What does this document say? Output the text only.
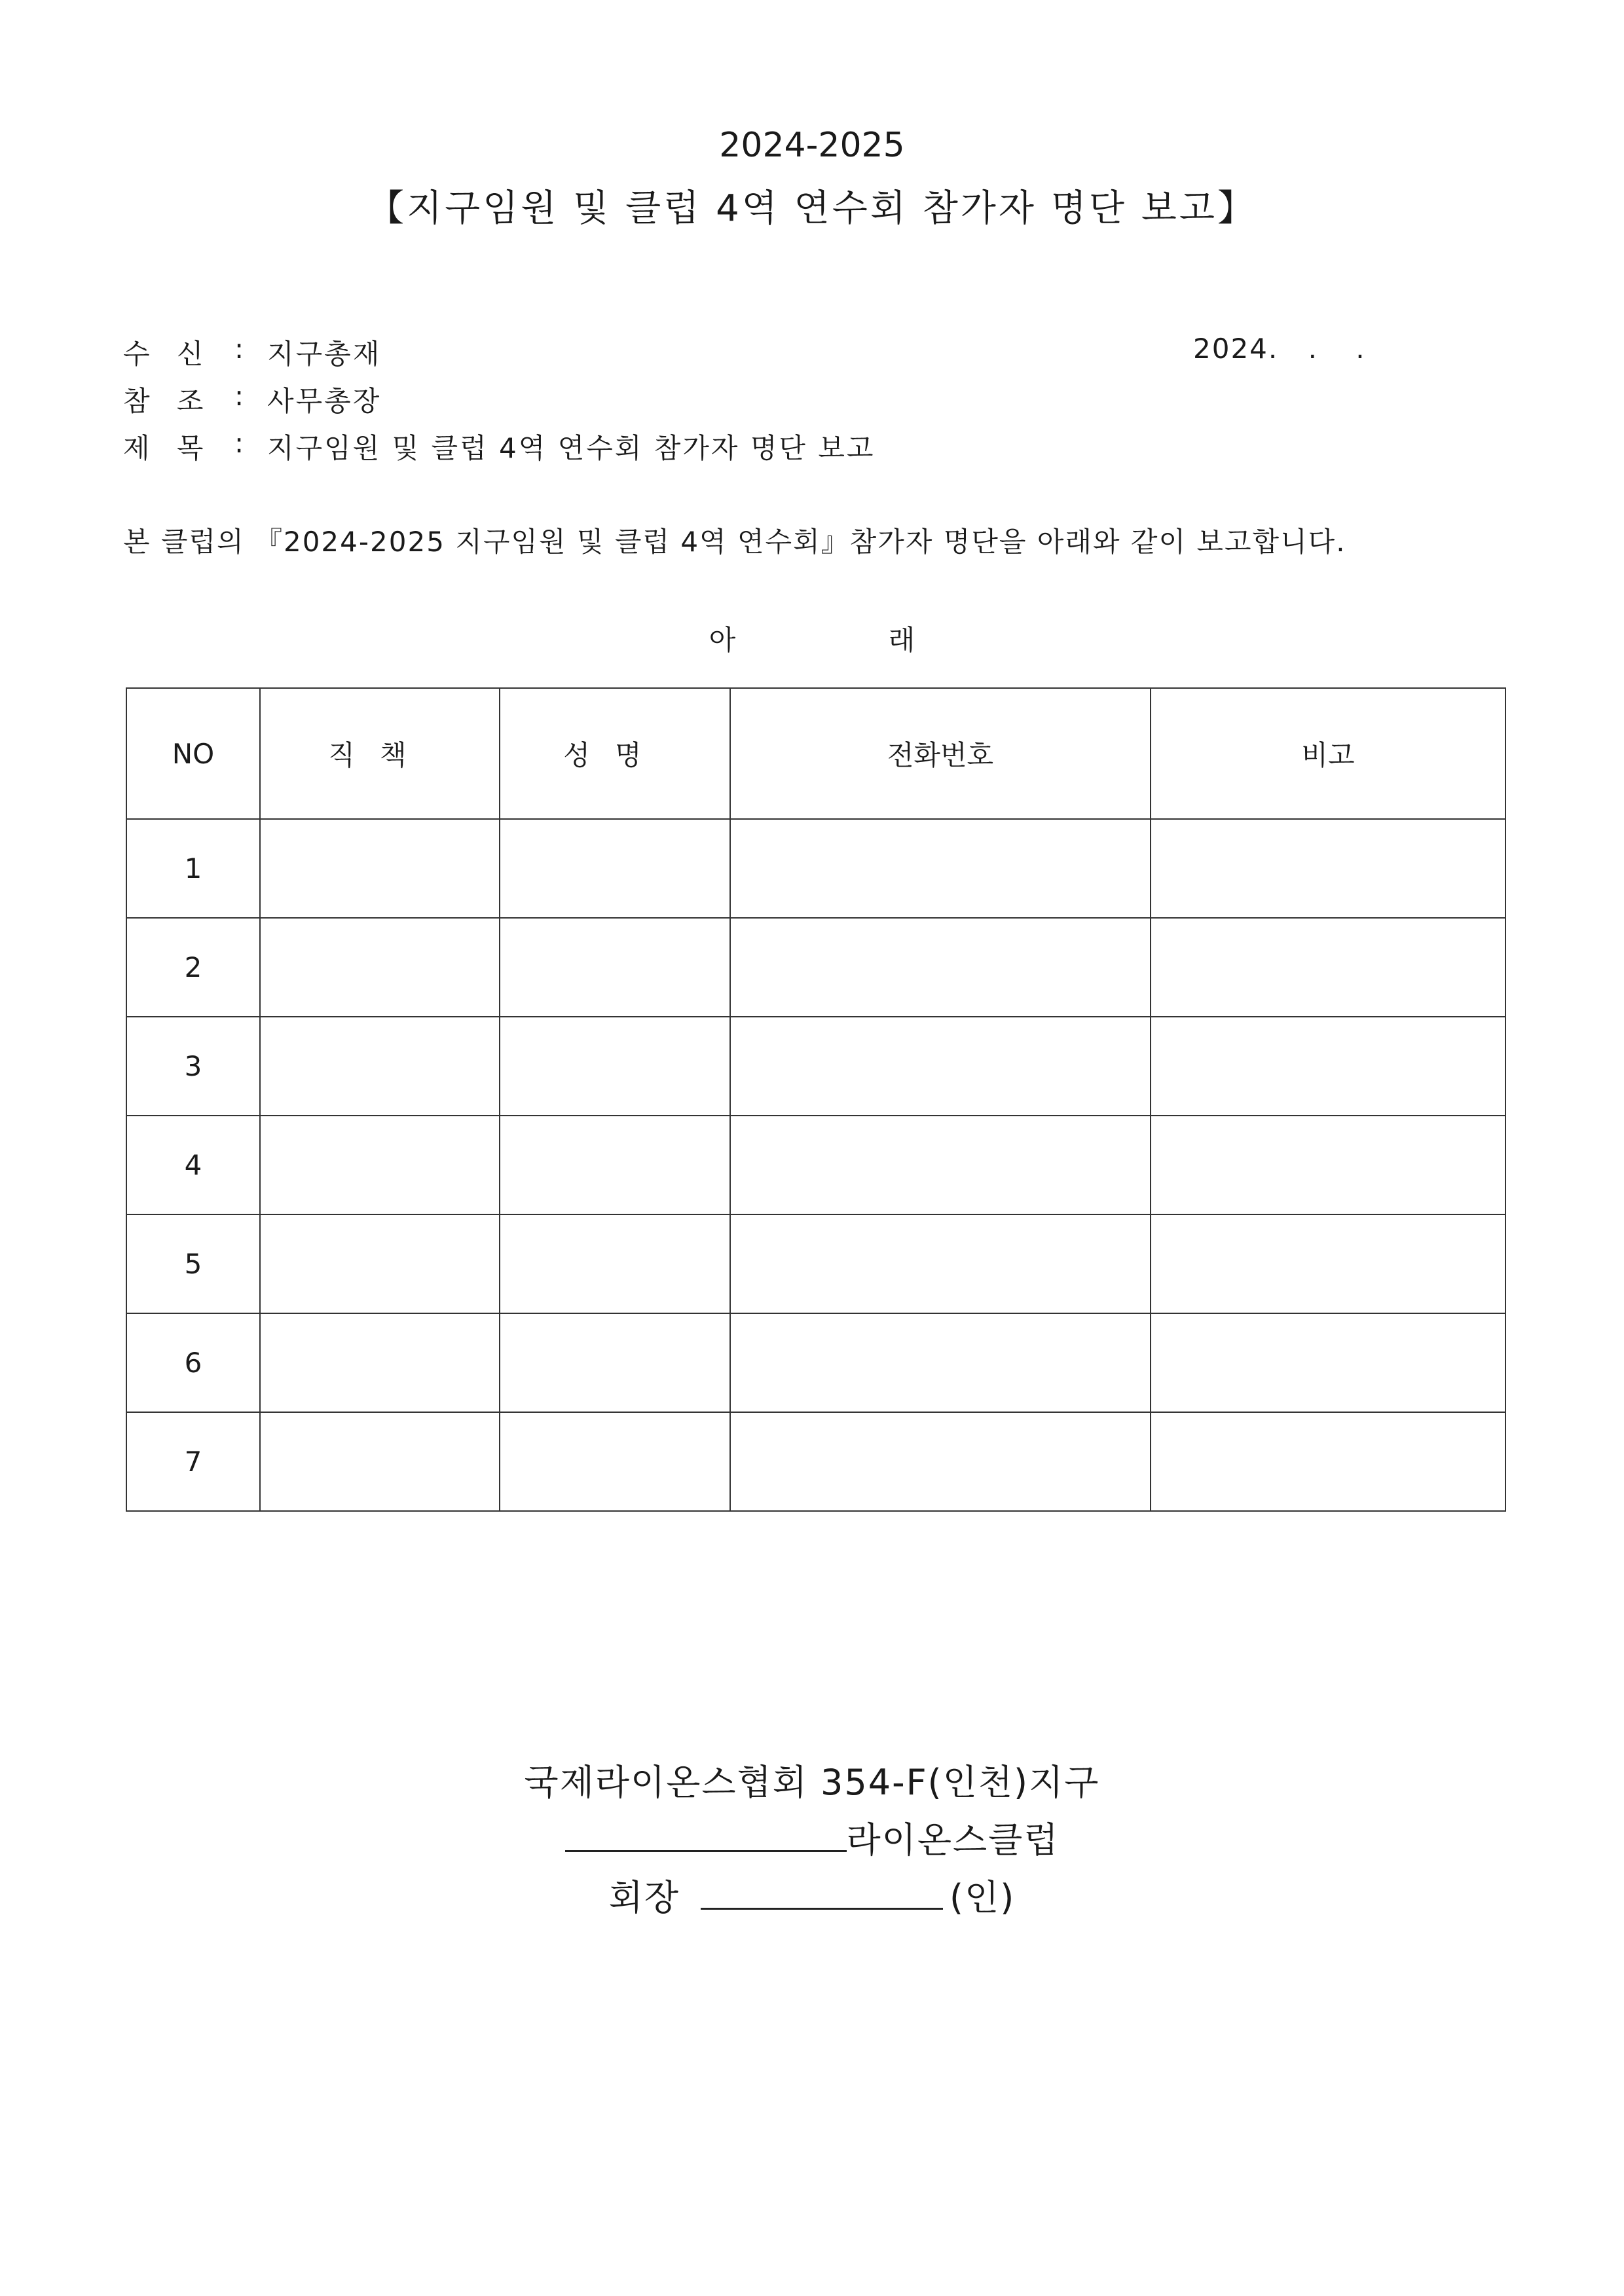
2024-2025
【지구임원 및 클럽 4역 연수회 참가자 명단 보고】
수 신 : 지구총재	2024. . .
참 조 : 사무총장
제 목 : 지구임원 및 클럽 4역 연수회 참가자 명단 보고
본 클럽의 『2024-2025 지구임원 및 클럽 4역 연수회』참가자 명단을 아래와 같이 보고합니다.
아	래
NO	직책	성명	전화번호	비고
1				
2				
3				
4				
5				
6				
7				
국제라이온스협회 354-F(인천)지구
라이온스클럽
회장	(인)
